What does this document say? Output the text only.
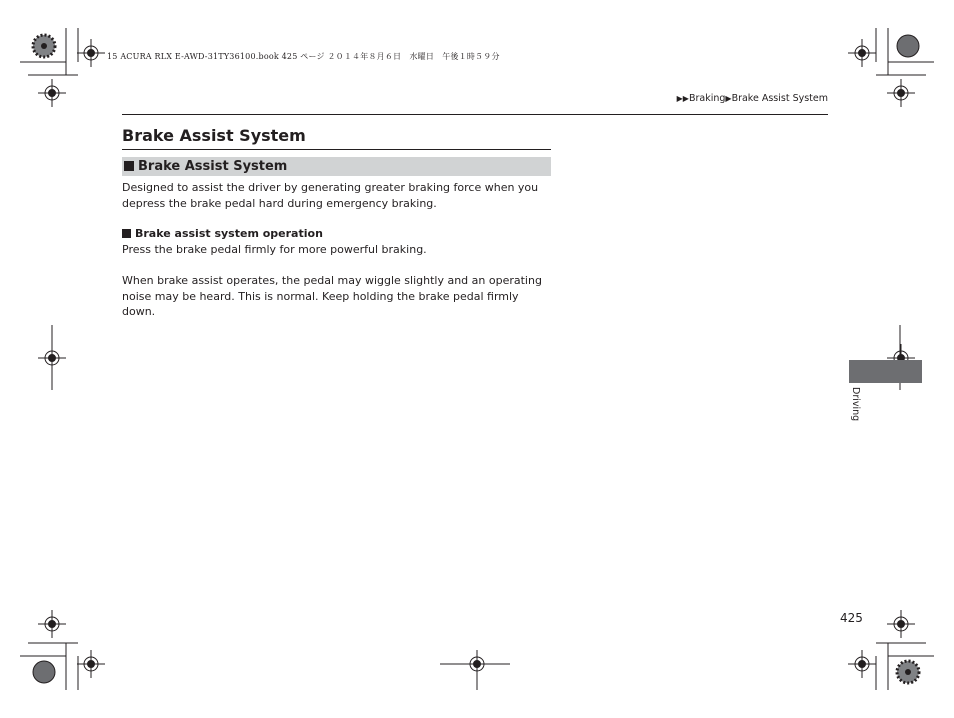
15 ACURA RLX E-AWD-31TY36100.book 425 ページ ２０１４年８月６日　水曜日　午後１時５９分
▶▶Braking▶Brake Assist System
Brake Assist System
Brake Assist System
Designed to assist the driver by generating greater braking force when you depress the brake pedal hard during emergency braking.
Brake assist system operation
Press the brake pedal firmly for more powerful braking.
When brake assist operates, the pedal may wiggle slightly and an operating noise may be heard. This is normal. Keep holding the brake pedal firmly down.
Driving
425
